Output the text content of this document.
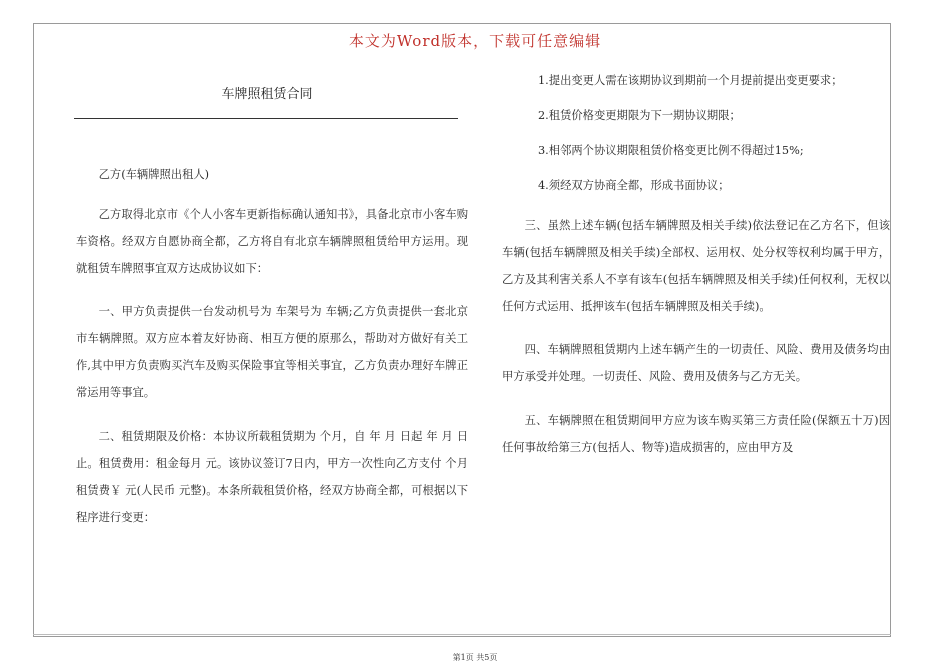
本文为Word版本，下载可任意编辑
车牌照租赁合同

乙方(车辆牌照出租人)

乙方取得北京市《个人小客车更新指标确认通知书》，具备北京市小客车购车资格。经双方自愿协商全都，乙方将自有北京车辆牌照租赁给甲方运用。现就租赁车牌照事宜双方达成协议如下：

一、甲方负责提供一台发动机号为 车架号为 车辆;乙方负责提供一套北京市车辆牌照。双方应本着友好协商、相互方便的原那么，帮助对方做好有关工作,其中甲方负责购买汽车及购买保险事宜等相关事宜，乙方负责办理好车牌正常运用等事宜。

二、租赁期限及价格：本协议所载租赁期为 个月，自 年 月 日起 年 月 日止。租赁费用：租金每月 元。该协议签订7日内，甲方一次性向乙方支付 个月租赁费￥ 元(人民币 元整)。本条所载租赁价格，经双方协商全都，可根据以下程序进行变更：

1.提出变更人需在该期协议到期前一个月提前提出变更要求；

2.租赁价格变更期限为下一期协议期限；

3.相邻两个协议期限租赁价格变更比例不得超过15%;

4.须经双方协商全都，形成书面协议；

三、虽然上述车辆(包括车辆牌照及相关手续)依法登记在乙方名下，但该车辆(包括车辆牌照及相关手续)全部权、运用权、处分权等权利均属于甲方，乙方及其利害关系人不享有该车(包括车辆牌照及相关手续)任何权利，无权以任何方式运用、抵押该车(包括车辆牌照及相关手续)。

四、车辆牌照租赁期内上述车辆产生的一切责任、风险、费用及债务均由甲方承受并处理。一切责任、风险、费用及债务与乙方无关。

五、车辆牌照在租赁期间甲方应为该车购买第三方责任险(保额五十万)因任何事故给第三方(包括人、物等)造成损害的，应由甲方及

第1页 共5页
